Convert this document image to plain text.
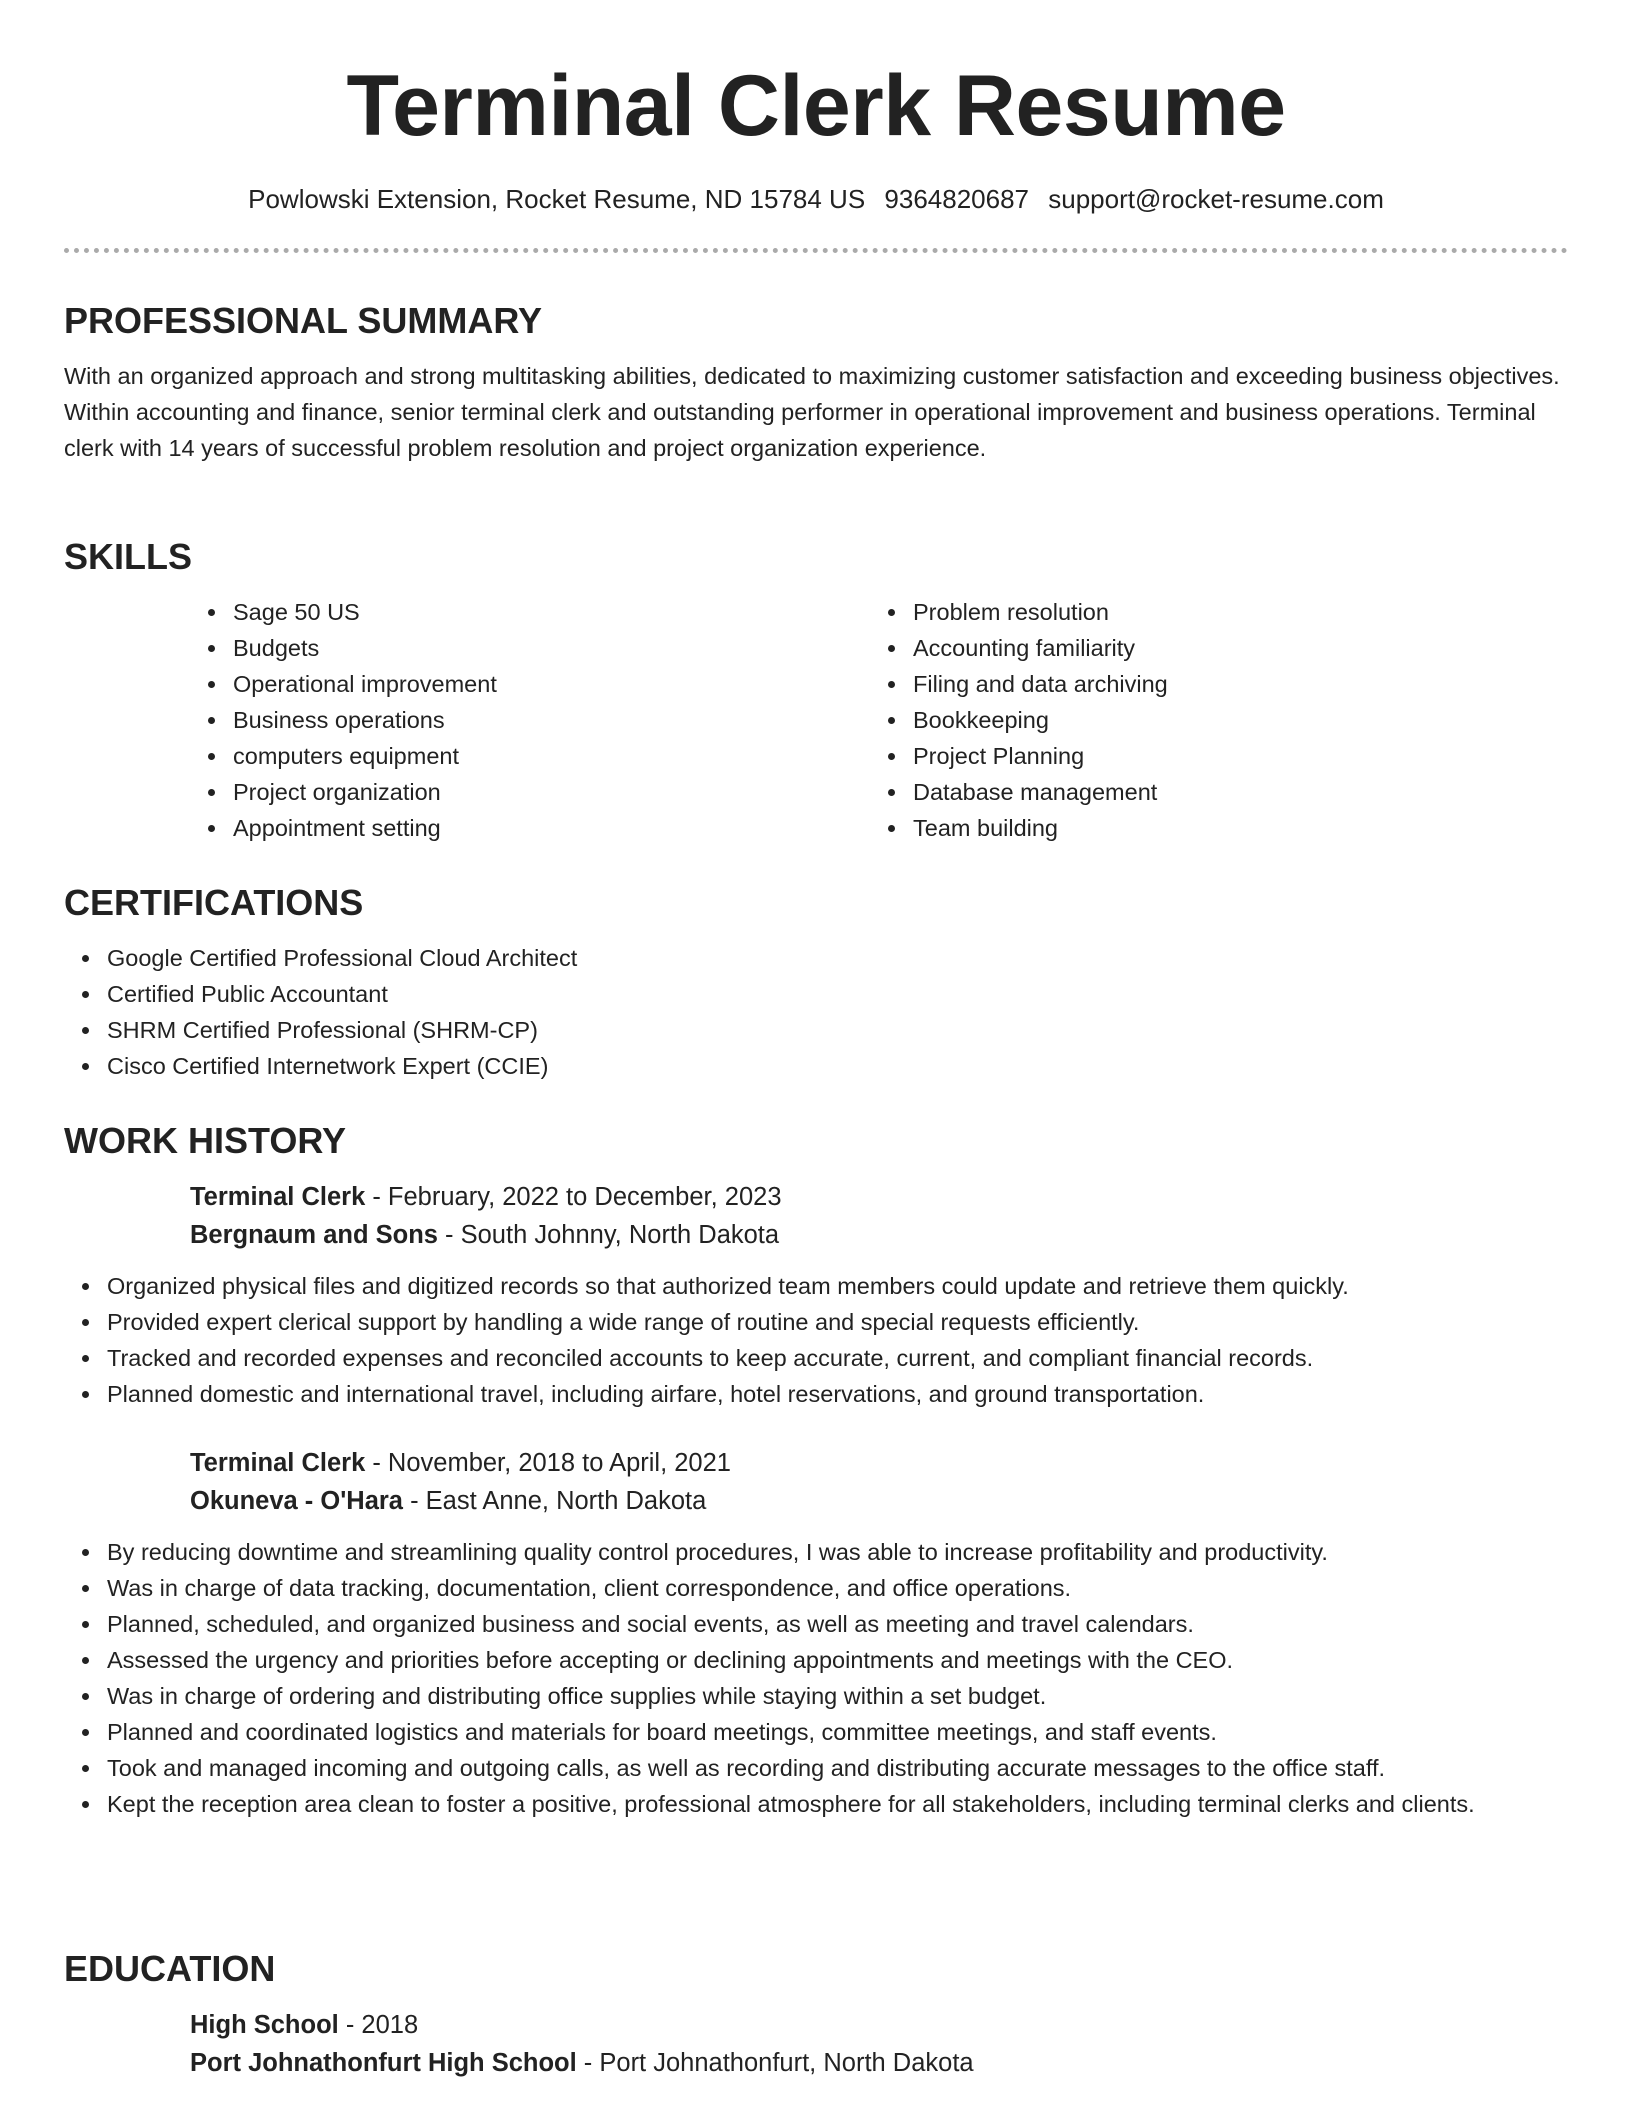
Terminal Clerk Resume
Powlowski Extension, Rocket Resume, ND 15784 US 9364820687 support@rocket-resume.com
PROFESSIONAL SUMMARY

With an organized approach and strong multitasking abilities, dedicated to maximizing customer satisfaction and exceeding business objectives. Within accounting and finance, senior terminal clerk and outstanding performer in operational improvement and business operations. Terminal clerk with 14 years of successful problem resolution and project organization experience.

SKILLS
Sage 50 US
Budgets
Operational improvement
Business operations
computers equipment
Project organization
Appointment setting
Problem resolution
Accounting familiarity
Filing and data archiving
Bookkeeping
Project Planning
Database management
Team building
CERTIFICATIONS
Google Certified Professional Cloud Architect
Certified Public Accountant
SHRM Certified Professional (SHRM-CP)
Cisco Certified Internetwork Expert (CCIE)
WORK HISTORY
Terminal Clerk - February, 2022 to December, 2023
Bergnaum and Sons - South Johnny, North Dakota
Organized physical files and digitized records so that authorized team members could update and retrieve them quickly.
Provided expert clerical support by handling a wide range of routine and special requests efficiently.
Tracked and recorded expenses and reconciled accounts to keep accurate, current, and compliant financial records.
Planned domestic and international travel, including airfare, hotel reservations, and ground transportation.
Terminal Clerk - November, 2018 to April, 2021
Okuneva - O'Hara - East Anne, North Dakota
By reducing downtime and streamlining quality control procedures, I was able to increase profitability and productivity.
Was in charge of data tracking, documentation, client correspondence, and office operations.
Planned, scheduled, and organized business and social events, as well as meeting and travel calendars.
Assessed the urgency and priorities before accepting or declining appointments and meetings with the CEO.
Was in charge of ordering and distributing office supplies while staying within a set budget.
Planned and coordinated logistics and materials for board meetings, committee meetings, and staff events.
Took and managed incoming and outgoing calls, as well as recording and distributing accurate messages to the office staff.
Kept the reception area clean to foster a positive, professional atmosphere for all stakeholders, including terminal clerks and clients.
EDUCATION
High School - 2018
Port Johnathonfurt High School - Port Johnathonfurt, North Dakota
